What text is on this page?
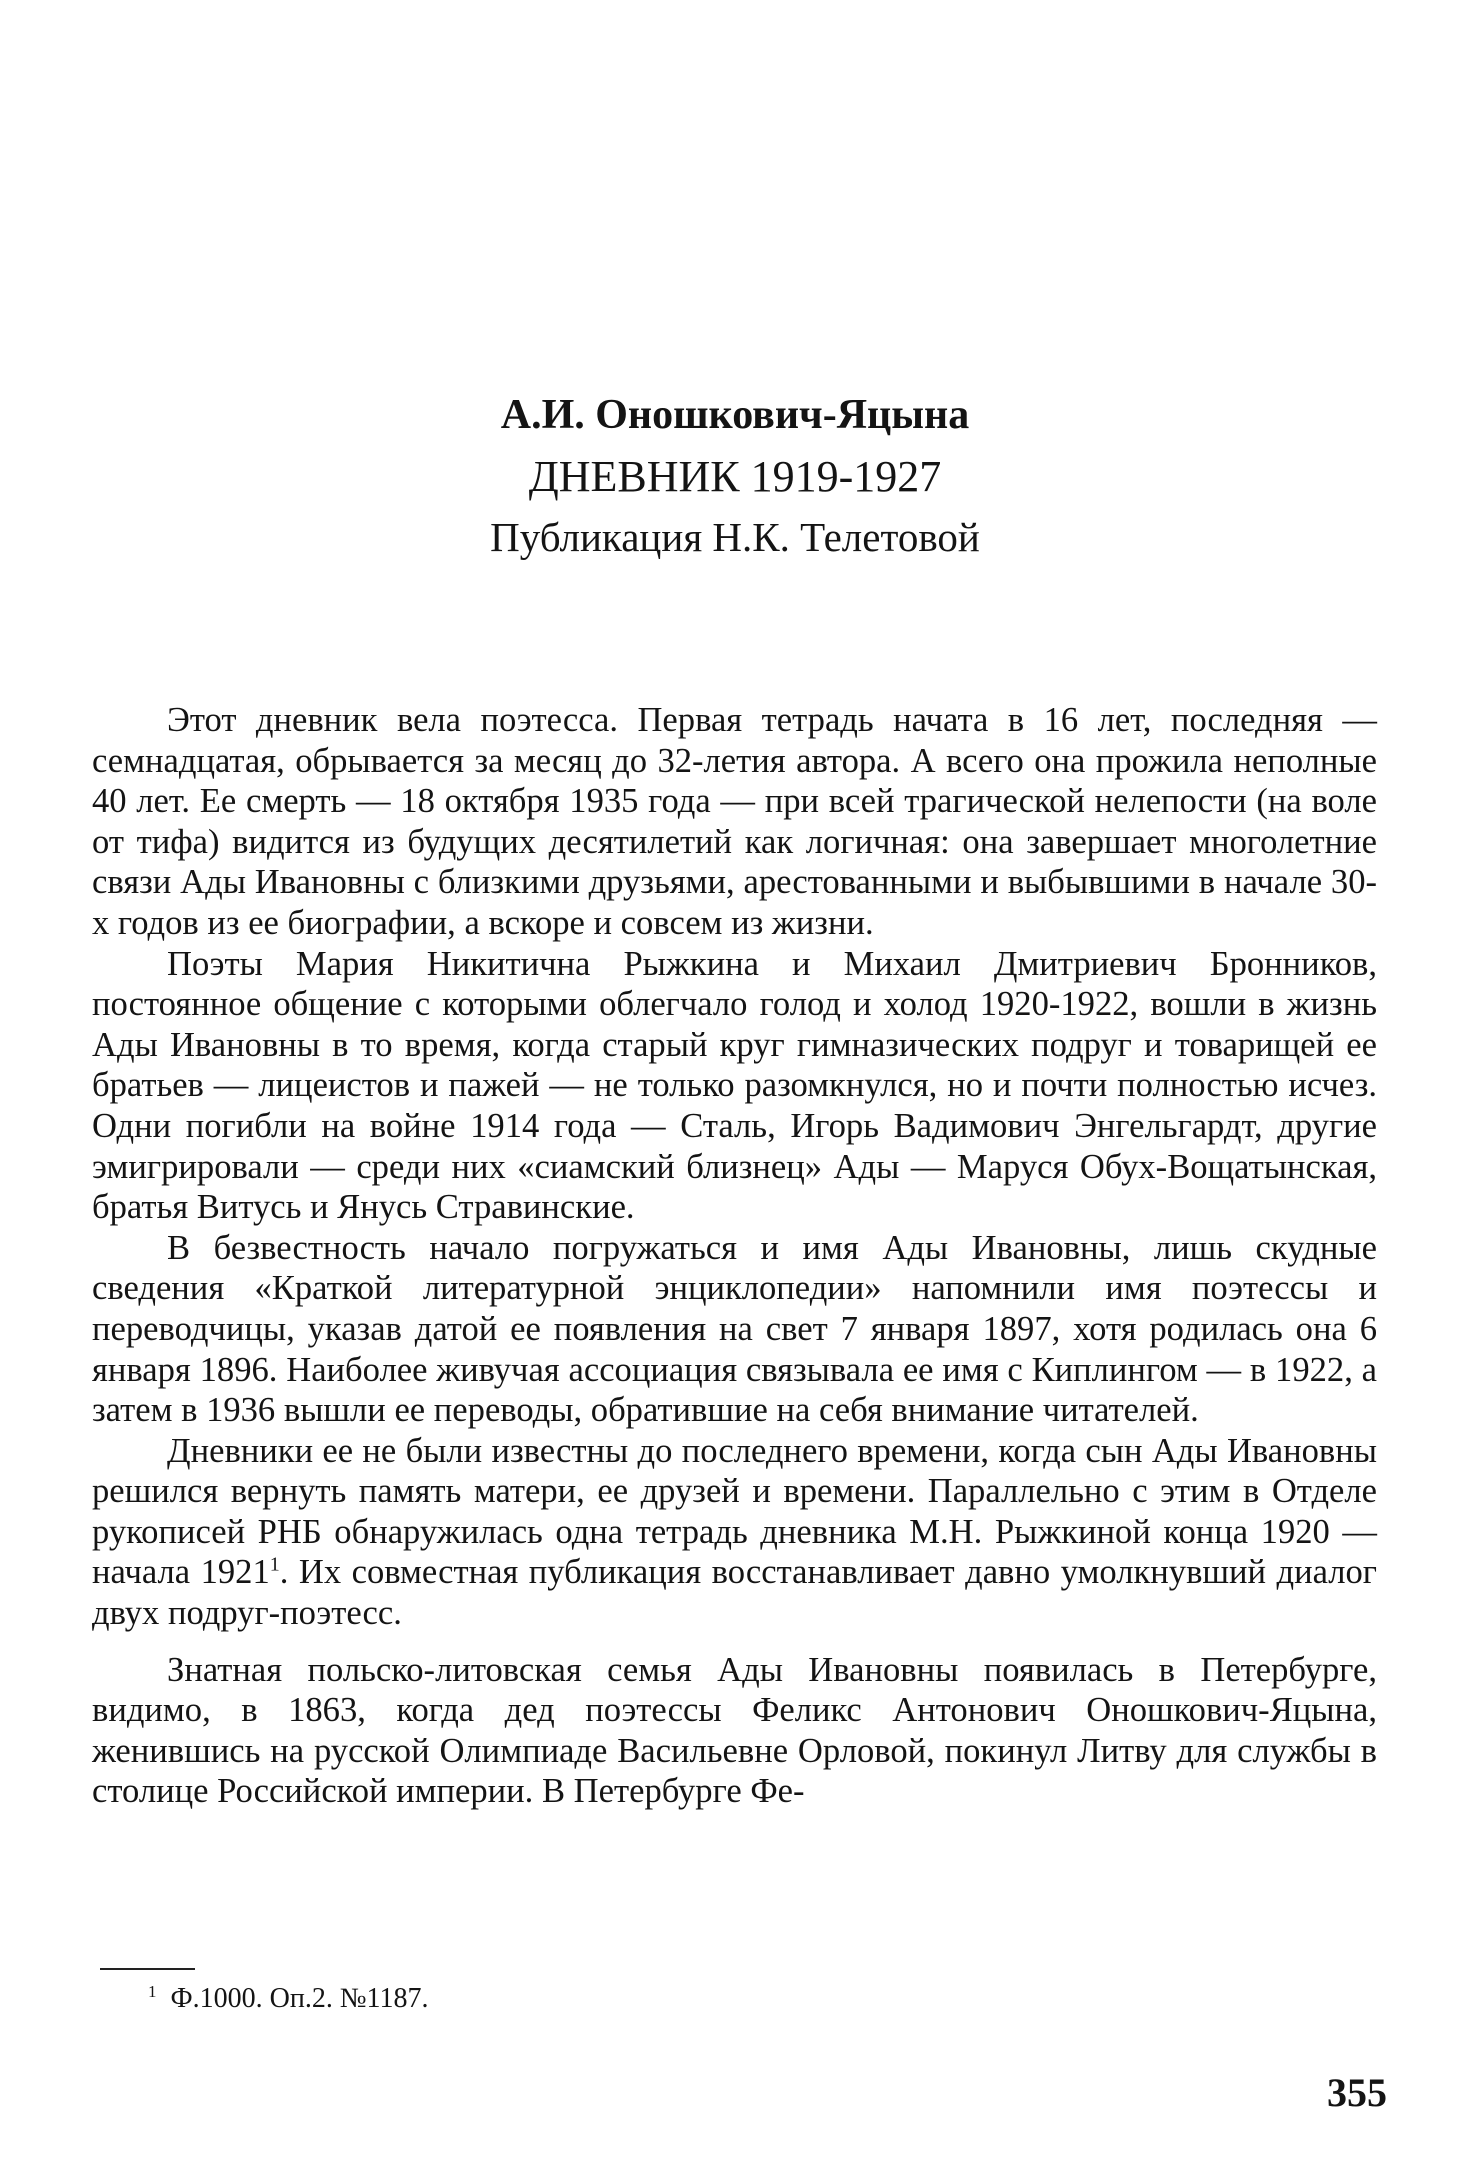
А.И. Оношкович-Яцына
ДНЕВНИК 1919-1927
Публикация Н.К. Телетовой

Этот дневник вела поэтесса. Первая тетрадь начата в 16 лет, последняя — семнадцатая, обрывается за месяц до 32-летия автора. А всего она прожила неполные 40 лет. Ее смерть — 18 октября 1935 года — при всей трагической нелепости (на воле от тифа) видится из будущих десятилетий как логичная: она завершает многолетние связи Ады Ивановны с близкими друзьями, арестованными и выбывшими в начале 30-х годов из ее биографии, а вскоре и совсем из жизни.

Поэты Мария Никитична Рыжкина и Михаил Дмитриевич Бронников, постоянное общение с которыми облегчало голод и холод 1920-1922, вошли в жизнь Ады Ивановны в то время, когда старый круг гимназических подруг и товарищей ее братьев — лицеистов и пажей — не только разомкнулся, но и почти полностью исчез. Одни погибли на войне 1914 года — Сталь, Игорь Вадимович Энгельгардт, другие эмигрировали — среди них «сиамский близнец» Ады — Маруся Обух-Вощатынская, братья Витусь и Янусь Стравинские.

В безвестность начало погружаться и имя Ады Ивановны, лишь скудные сведения «Краткой литературной энциклопедии» напомнили имя поэтессы и переводчицы, указав датой ее появления на свет 7 января 1897, хотя родилась она 6 января 1896. Наиболее живучая ассоциация связывала ее имя с Киплингом — в 1922, а затем в 1936 вышли ее переводы, обратившие на себя внимание читателей.

Дневники ее не были известны до последнего времени, когда сын Ады Ивановны решился вернуть память матери, ее друзей и времени. Параллельно с этим в Отделе рукописей РНБ обнаружилась одна тетрадь дневника М.Н. Рыжкиной конца 1920 — начала 1921$^1$. Их совместная публикация восстанавливает давно умолкнувший диалог двух подруг-поэтесс.

Знатная польско-литовская семья Ады Ивановны появилась в Петербурге, видимо, в 1863, когда дед поэтессы Феликс Антонович Оношкович-Яцына, женившись на русской Олимпиаде Васильевне Орловой, покинул Литву для службы в столице Российской империи. В Петербурге Фе-

$^1$ Ф.1000. Оп.2. №1187.
355
